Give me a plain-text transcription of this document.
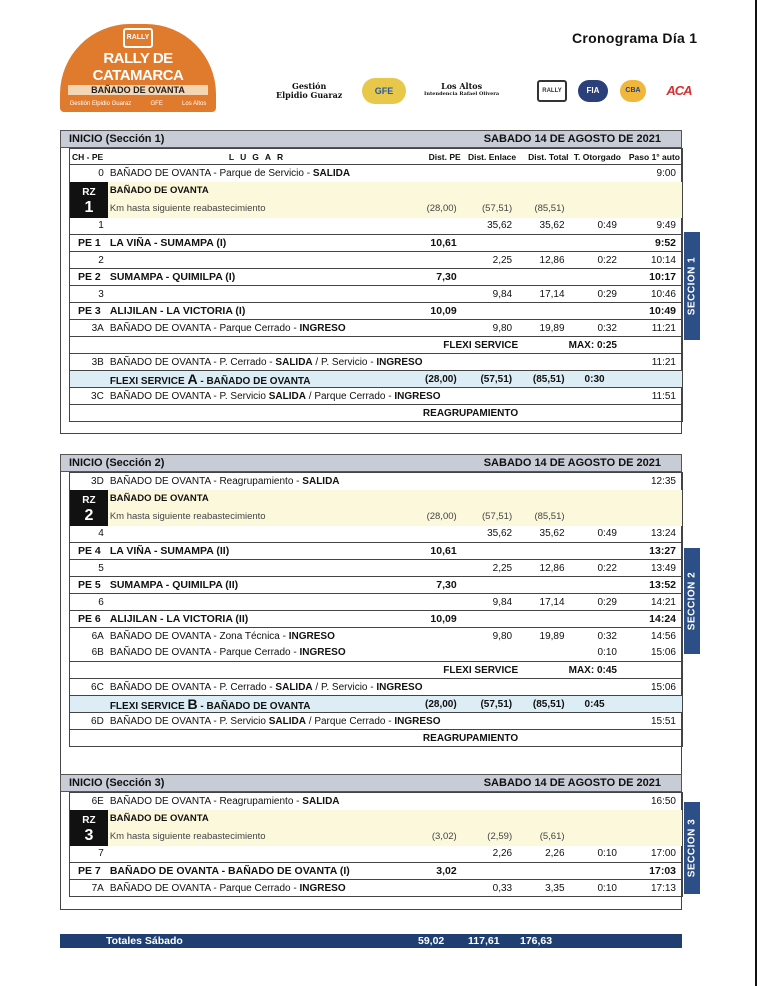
RALLY
RALLY DE CATAMARCA
BAÑADO DE OVANTA
Gestión Elpidio Guaraz	GFE	Los Altos
Gestión
Elpidio Guaraz	GFE	Los Altos
Intendencia Rafael Olivera	RALLY	FIA	CBA	ACA
Cronograma Día 1
INICIO (Sección 1)	SABADO 14 DE AGOSTO DE 2021
CH - PE	LUGAR	Dist. PE	Dist. Enlace	Dist. Total	T. Otorgado	Paso 1° auto
0	BAÑADO DE OVANTA - Parque de Servicio - SALIDA					9:00

RZ
1	BAÑADO DE OVANTA					
	Km hasta siguiente reabastecimiento	(28,00)	(57,51)	(85,51)		
1			35,62	35,62	0:49	9:49
PE 1	LA VIÑA - SUMAMPA (I)	10,61				9:52
2			2,25	12,86	0:22	10:14
PE 2	SUMAMPA - QUIMILPA (I)	7,30				10:17
3			9,84	17,14	0:29	10:46
PE 3	ALIJILAN - LA VICTORIA (I)	10,09				10:49
3A	BAÑADO DE OVANTA - Parque Cerrado - INGRESO		9,80	19,89	0:32	11:21
	FLEXI SERVICE			MAX: 0:25		
3B	BAÑADO DE OVANTA - P. Cerrado - SALIDA / P. Servicio - INGRESO					11:21
	FLEXI SERVICE A - BAÑADO DE OVANTA	(28,00)	(57,51)	(85,51)	0:30	
3C	BAÑADO DE OVANTA - P. Servicio SALIDA / Parque Cerrado - INGRESO					11:51
	REAGRUPAMIENTO					
INICIO (Sección 2)	SABADO 14 DE AGOSTO DE 2021
3D	BAÑADO DE OVANTA - Reagrupamiento - SALIDA					12:35

RZ
2	BAÑADO DE OVANTA					
	Km hasta siguiente reabastecimiento	(28,00)	(57,51)	(85,51)		
4			35,62	35,62	0:49	13:24
PE 4	LA VIÑA - SUMAMPA (II)	10,61				13:27
5			2,25	12,86	0:22	13:49
PE 5	SUMAMPA - QUIMILPA (II)	7,30				13:52
6			9,84	17,14	0:29	14:21
PE 6	ALIJILAN - LA VICTORIA (II)	10,09				14:24
6A	BAÑADO DE OVANTA - Zona Técnica - INGRESO		9,80	19,89	0:32	14:56
6B	BAÑADO DE OVANTA - Parque Cerrado - INGRESO				0:10	15:06
	FLEXI SERVICE			MAX: 0:45		
6C	BAÑADO DE OVANTA - P. Cerrado - SALIDA / P. Servicio - INGRESO					15:06
	FLEXI SERVICE B - BAÑADO DE OVANTA	(28,00)	(57,51)	(85,51)	0:45	
6D	BAÑADO DE OVANTA - P. Servicio SALIDA / Parque Cerrado - INGRESO					15:51
	REAGRUPAMIENTO					
INICIO (Sección 3)	SABADO 14 DE AGOSTO DE 2021
6E	BAÑADO DE OVANTA - Reagrupamiento - SALIDA					16:50

RZ
3	BAÑADO DE OVANTA					
	Km hasta siguiente reabastecimiento	(3,02)	(2,59)	(5,61)		
7			2,26	2,26	0:10	17:00
PE 7	BAÑADO DE OVANTA - BAÑADO DE OVANTA (I)	3,02				17:03
7A	BAÑADO DE OVANTA - Parque Cerrado - INGRESO		0,33	3,35	0:10	17:13
Totales Sábado	59,02 117,61 176,63
SECCION 1
SECCION 2
SECCION 3
